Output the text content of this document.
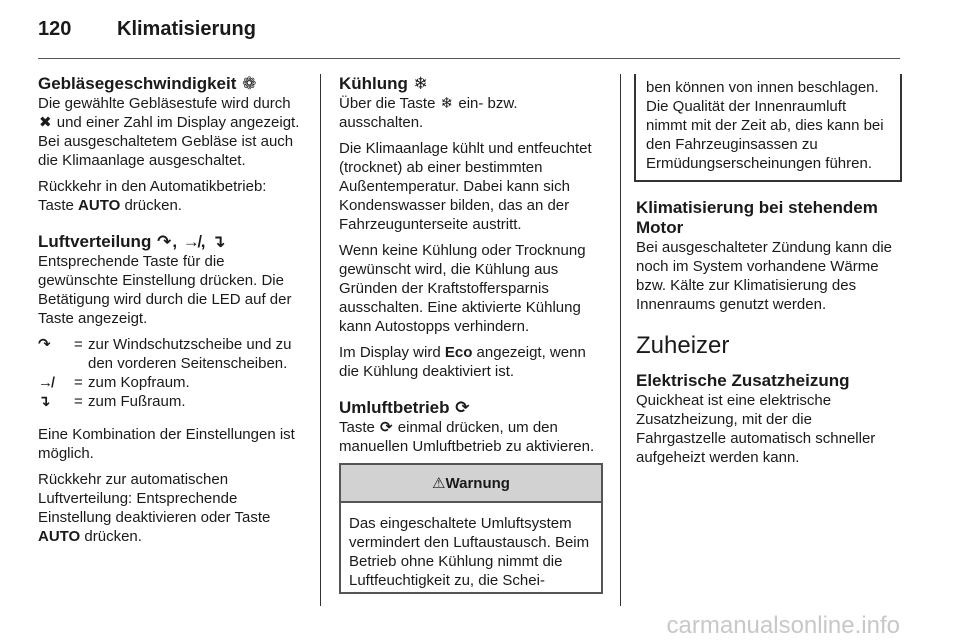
120 Klimatisierung
Gebläsegeschwindigkeit ❁

Die gewählte Gebläsestufe wird durch ✖ und einer Zahl im Display angezeigt. Bei ausgeschaltetem Gebläse ist auch die Klimaanlage ausgeschaltet.

Rückkehr in den Automatikbetrieb: Taste AUTO drücken.

Luftverteilung ↷, ↛, ↴

Entsprechende Taste für die gewünschte Einstellung drücken. Die Betätigung wird durch die LED auf der Taste angezeigt.

↷	=	zur Windschutzscheibe und zu den vorderen Seitenscheiben.
↛	=	zum Kopfraum.
↴	=	zum Fußraum.

Eine Kombination der Einstellungen ist möglich.

Rückkehr zur automatischen Luftverteilung: Entsprechende Einstellung deaktivieren oder Taste AUTO drücken.

Kühlung ❄

Über die Taste ❄ ein- bzw. ausschalten.

Die Klimaanlage kühlt und entfeuchtet (trocknet) ab einer bestimmten Außentemperatur. Dabei kann sich Kondenswasser bilden, das an der Fahrzeugunterseite austritt.

Wenn keine Kühlung oder Trocknung gewünscht wird, die Kühlung aus Gründen der Kraftstoffersparnis ausschalten. Eine aktivierte Kühlung kann Autostopps verhindern.

Im Display wird Eco angezeigt, wenn die Kühlung deaktiviert ist.

Umluftbetrieb ⟳

Taste ⟳ einmal drücken, um den manuellen Umluftbetrieb zu aktivieren.

⚠Warnung
Das eingeschaltete Umluftsystem vermindert den Luftaustausch. Beim Betrieb ohne Kühlung nimmt die Luftfeuchtigkeit zu, die Schei-
ben können von innen beschlagen. Die Qualität der Innenraumluft nimmt mit der Zeit ab, dies kann bei den Fahrzeuginsassen zu Ermüdungserscheinungen führen.
Klimatisierung bei stehendem Motor

Bei ausgeschalteter Zündung kann die noch im System vorhandene Wärme bzw. Kälte zur Klimatisierung des Innenraums genutzt werden.

Zuheizer
Elektrische Zusatzheizung

Quickheat ist eine elektrische Zusatzheizung, mit der die Fahrgastzelle automatisch schneller aufgeheizt werden kann.

carmanualsonline.info
